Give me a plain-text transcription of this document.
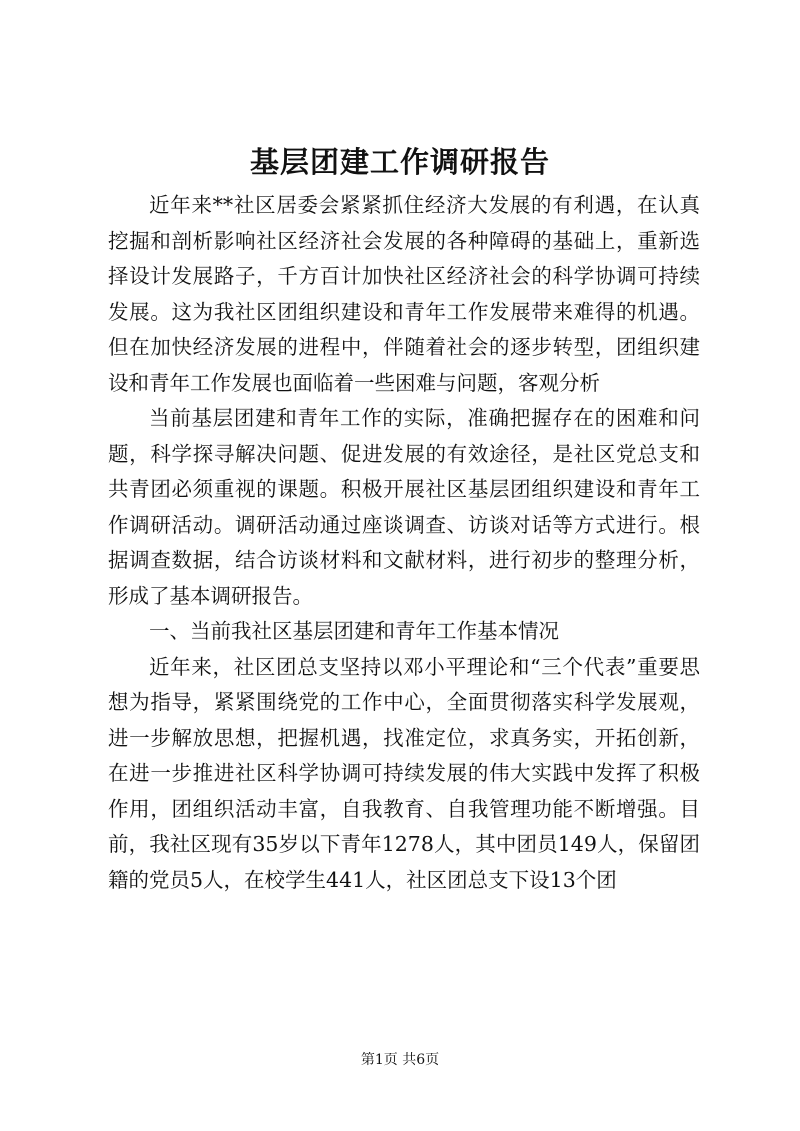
基层团建工作调研报告

近年来**社区居委会紧紧抓住经济大发展的有利遇，在认真挖掘和剖析影响社区经济社会发展的各种障碍的基础上，重新选择设计发展路子，千方百计加快社区经济社会的科学协调可持续发展。这为我社区团组织建设和青年工作发展带来难得的机遇。但在加快经济发展的进程中，伴随着社会的逐步转型，团组织建设和青年工作发展也面临着一些困难与问题，客观分析

当前基层团建和青年工作的实际，准确把握存在的困难和问题，科学探寻解决问题、促进发展的有效途径，是社区党总支和共青团必须重视的课题。积极开展社区基层团组织建设和青年工作调研活动。调研活动通过座谈调查、访谈对话等方式进行。根据调查数据，结合访谈材料和文献材料，进行初步的整理分析，形成了基本调研报告。

一、当前我社区基层团建和青年工作基本情况

近年来，社区团总支坚持以邓小平理论和“三个代表”重要思想为指导，紧紧围绕党的工作中心，全面贯彻落实科学发展观，进一步解放思想，把握机遇，找准定位，求真务实，开拓创新，在进一步推进社区科学协调可持续发展的伟大实践中发挥了积极作用，团组织活动丰富，自我教育、自我管理功能不断增强。目前，我社区现有35岁以下青年1278人，其中团员149人，保留团籍的党员5人，在校学生441人，社区团总支下设13个团

第1页 共6页
